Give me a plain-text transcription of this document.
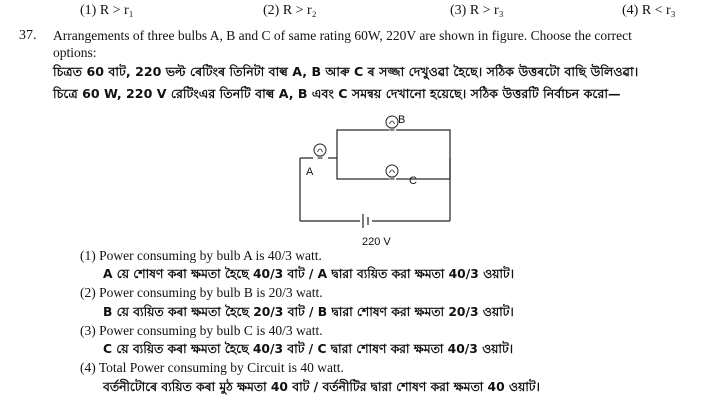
(1) R > r₁	(2) R > r₂	(3) R > r₃	(4) R < r₃
37. Arrangements of three bulbs A, B and C of same rating 60W, 220V are shown in figure. Choose the correct
options:
চিত্ৰত 60 বাট, 220 ভল্ট ৰেটিংৰ তিনিটা বাল্ব A, B আৰু C ৰ সজ্জা দেখুওৱা হৈছে। সঠিক উত্তৰটো বাছি উলিওৱা।
চিত্রে 60 W, 220 V রেটিংএর তিনটি বাল্ব A, B এবং C সমন্বয় দেখানো হয়েছে। সঠিক উত্তরটি নির্বাচন করো—
B
A
C
220 V
(1) Power consuming by bulb A is 40/3 watt.
A য়ে শোষণ কৰা ক্ষমতা হৈছে 40/3 বাট / A দ্বারা ব্যয়িত করা ক্ষমতা 40/3 ওয়াট।
(2) Power consuming by bulb B is 20/3 watt.
B য়ে ব্যয়িত কৰা ক্ষমতা হৈছে 20/3 বাট / B দ্বারা শোষণ করা ক্ষমতা 20/3 ওয়াট।
(3) Power consuming by bulb C is 40/3 watt.
C য়ে ব্যয়িত কৰা ক্ষমতা হৈছে 40/3 বাট / C দ্বারা শোষণ করা ক্ষমতা 40/3 ওয়াট।
(4) Total Power consuming by Circuit is 40 watt.
বৰ্তনীটোৰে ব্যয়িত কৰা মুঠ ক্ষমতা 40 বাট / বর্তনীটির দ্বারা শোষণ করা ক্ষমতা 40 ওয়াট।
